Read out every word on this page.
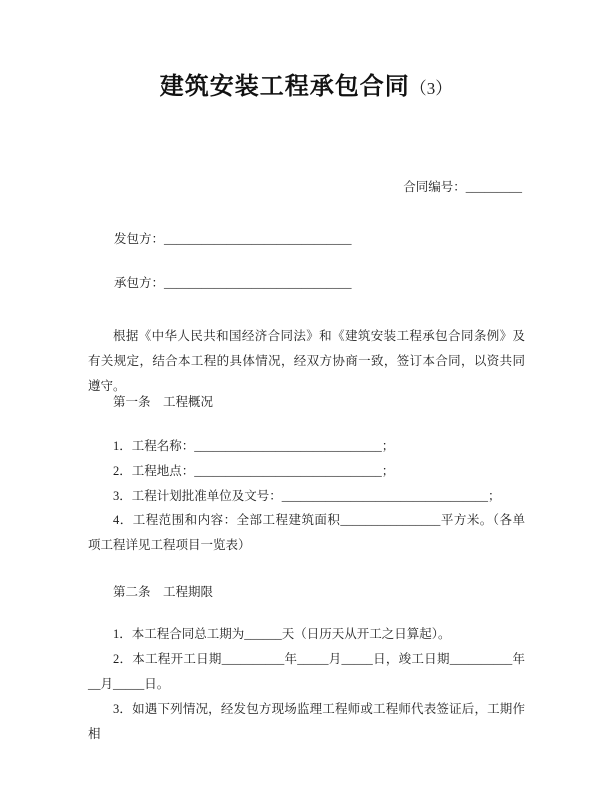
建筑安装工程承包合同（3）
合同编号：_________
发包方：______________________________
承包方：______________________________

根据《中华人民共和国经济合同法》和《建筑安装工程承包合同条例》及有关规定，结合本工程的具体情况，经双方协商一致，签订本合同，以资共同遵守。

第一条　工程概况

1．工程名称：______________________________；

2．工程地点：______________________________；

3．工程计划批准单位及文号：_________________________________；

4．工程范围和内容：全部工程建筑面积________________平方米。（各单项工程详见工程项目一览表）

第二条　工程期限

1．本工程合同总工期为______天（日历天从开工之日算起）。

2．本工程开工日期__________年_____月_____日，竣工日期__________年__月_____日。

3．如遇下列情况，经发包方现场监理工程师或工程师代表签证后，工期作相
